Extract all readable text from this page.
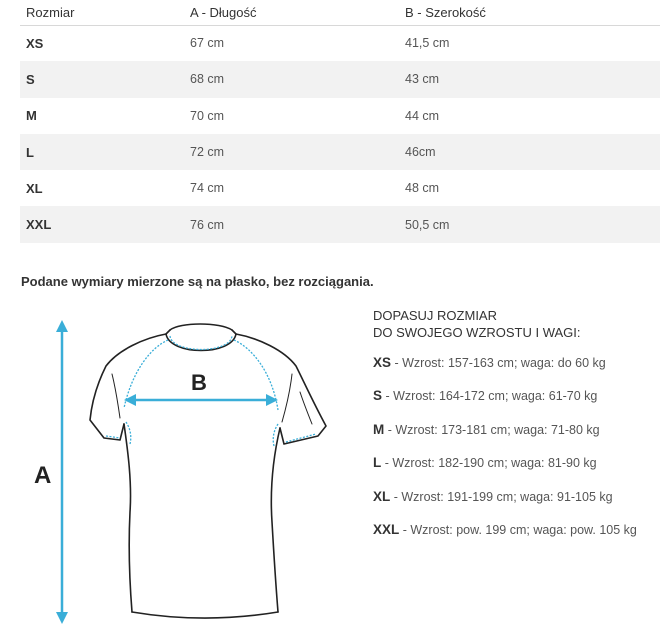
Rozmiar	A - Długość	B - Szerokość
XS	67 cm	41,5 cm
S	68 cm	43 cm
M	70 cm	44 cm
L	72 cm	46cm
XL	74 cm	48 cm
XXL	76 cm	50,5 cm
Podane wymiary mierzone są na płasko, bez rozciągania.
A
B
DOPASUJ ROZMIAR
DO SWOJEGO WZROSTU I WAGI:
XS - Wzrost: 157-163 cm; waga: do 60 kg
S - Wzrost: 164-172 cm; waga: 61-70 kg
M - Wzrost: 173-181 cm; waga: 71-80 kg
L - Wzrost: 182-190 cm; waga: 81-90 kg
XL - Wzrost: 191-199 cm; waga: 91-105 kg
XXL - Wzrost: pow. 199 cm; waga: pow. 105 kg
